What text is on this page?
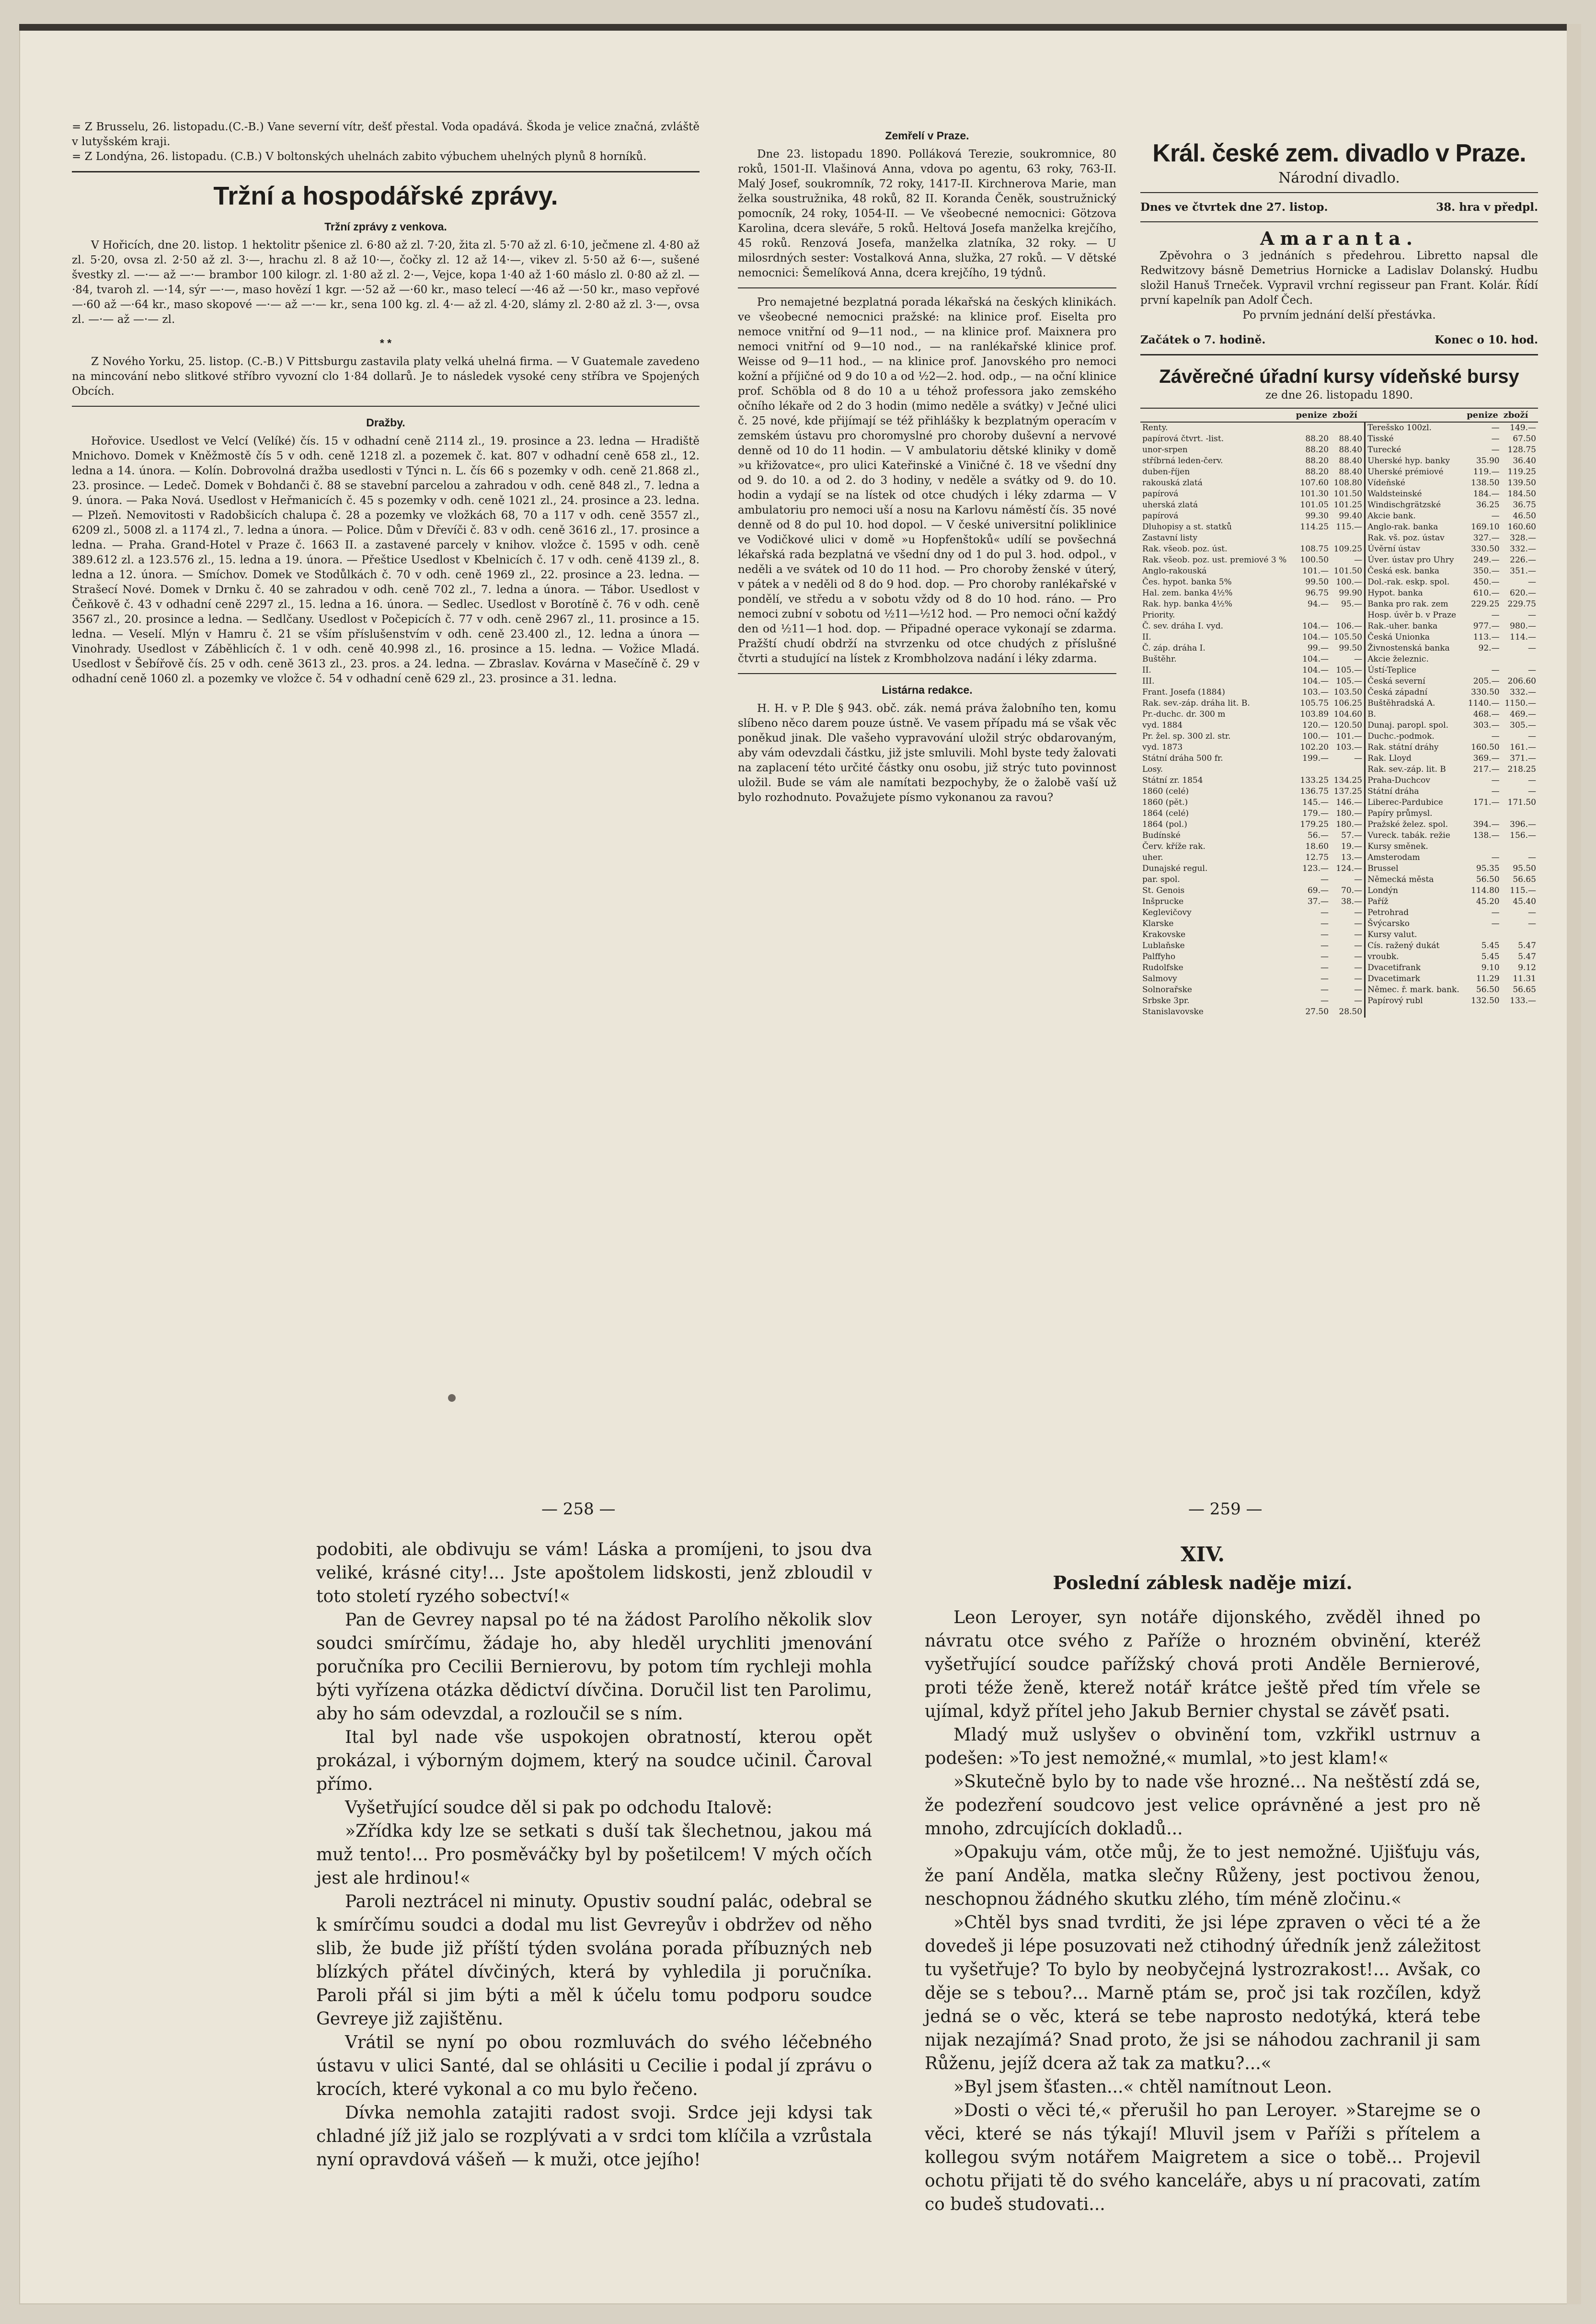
= Z Brusselu, 26. listopadu.(C.-B.) Vane severní vítr, dešť přestal. Voda opadává. Škoda je velice značná, zvláště v lutyšském kraji.

= Z Londýna, 26. listopadu. (C.B.) V boltonských uhelnách zabito výbuchem uhelných plynů 8 horníků.

Tržní a hospodářské zprávy.
Tržní zprávy z venkova.

V Hořicích, dne 20. listop. 1 hektolitr pšenice zl. 6·80 až zl. 7·20, žita zl. 5·70 až zl. 6·10, ječmene zl. 4·80 až zl. 5·20, ovsa zl. 2·50 až zl. 3·—, hrachu zl. 8 až 10·—, čočky zl. 12 až 14·—, vikev zl. 5·50 až 6·—, sušené švestky zl. —·— až —·— brambor 100 kilogr. zl. 1·80 až zl. 2·—, Vejce, kopa 1·40 až 1·60 máslo zl. 0·80 až zl. —·84, tvaroh zl. —·14, sýr —·—, maso hovězí 1 kgr. —·52 až —·60 kr., maso telecí —·46 až —·50 kr., maso vepřové —·60 až —·64 kr., maso skopové —·— až —·— kr., sena 100 kg. zl. 4·— až zl. 4·20, slámy zl. 2·80 až zl. 3·—, ovsa zl. —·— až —·— zl.

* *

Z Nového Yorku, 25. listop. (C.-B.) V Pittsburgu zastavila platy velká uhelná firma. — V Guatemale zavedeno na mincování nebo slitkové stříbro vyvozní clo 1·84 dollarů. Je to následek vysoké ceny stříbra ve Spojených Obcích.

Dražby.

Hořovice. Usedlost ve Velcí (Velíké) čís. 15 v odhadní ceně 2114 zl., 19. prosince a 23. ledna — Hradiště Mnichovo. Domek v Kněžmostě čís 5 v odh. ceně 1218 zl. a pozemek č. kat. 807 v odhadní ceně 658 zl., 12. ledna a 14. února. — Kolín. Dobrovolná dražba usedlosti v Týnci n. L. čís 66 s pozemky v odh. ceně 21.868 zl., 23. prosince. — Ledeč. Domek v Bohdanči č. 88 se stavební parcelou a zahradou v odh. ceně 848 zl., 7. ledna a 9. února. — Paka Nová. Usedlost v Heřmanicích č. 45 s pozemky v odh. ceně 1021 zl., 24. prosince a 23. ledna. — Plzeň. Nemovitosti v Radobšicích chalupa č. 28 a pozemky ve vložkách 68, 70 a 117 v odh. ceně 3557 zl., 6209 zl., 5008 zl. a 1174 zl., 7. ledna a února. — Police. Dům v Dřevíči č. 83 v odh. ceně 3616 zl., 17. prosince a ledna. — Praha. Grand-Hotel v Praze č. 1663 II. a zastavené parcely v knihov. vložce č. 1595 v odh. ceně 389.612 zl. a 123.576 zl., 15. ledna a 19. února. — Přeštice Usedlost v Kbelnicích č. 17 v odh. ceně 4139 zl., 8. ledna a 12. února. — Smíchov. Domek ve Stodůlkách č. 70 v odh. ceně 1969 zl., 22. prosince a 23. ledna. — Strašecí Nové. Domek v Drnku č. 40 se zahradou v odh. ceně 702 zl., 7. ledna a února. — Tábor. Usedlost v Čeňkově č. 43 v odhadní ceně 2297 zl., 15. ledna a 16. února. — Sedlec. Usedlost v Borotíně č. 76 v odh. ceně 3567 zl., 20. prosince a ledna. — Sedlčany. Usedlost v Počepicích č. 77 v odh. ceně 2967 zl., 11. prosince a 15. ledna. — Veselí. Mlýn v Hamru č. 21 se vším příslušenstvím v odh. ceně 23.400 zl., 12. ledna a února — Vinohrady. Usedlost v Záběhlicích č. 1 v odh. ceně 40.998 zl., 16. prosince a 15. ledna. — Vožice Mladá. Usedlost v Šebířově čís. 25 v odh. ceně 3613 zl., 23. pros. a 24. ledna. — Zbraslav. Kovárna v Masečíně č. 29 v odhadní ceně 1060 zl. a pozemky ve vložce č. 54 v odhadní ceně 629 zl., 23. prosince a 31. ledna.

Zemřelí v Praze.

Dne 23. listopadu 1890. Polláková Terezie, soukromnice, 80 roků, 1501-II. Vlašinová Anna, vdova po agentu, 63 roky, 763-II. Malý Josef, soukromník, 72 roky, 1417-II. Kirchnerova Marie, man želka soustružnika, 48 roků, 82 II. Koranda Čeněk, soustružnický pomocník, 24 roky, 1054-II. — Ve všeobecné nemocnici: Götzova Karolina, dcera sleváře, 5 roků. Heltová Josefa manželka krejčího, 45 roků. Renzová Josefa, manželka zlatníka, 32 roky. — U milosrdných sester: Vostalková Anna, služka, 27 roků. — V dětské nemocnici: Šemelíková Anna, dcera krejčího, 19 týdnů.

Pro nemajetné bezplatná porada lékařská na českých klinikách. ve všeobecné nemocnici pražské: na klinice prof. Eiselta pro nemoce vnitřní od 9—11 nod., — na klinice prof. Maixnera pro nemoci vnitřní od 9—10 nod., — na ranlékařské klinice prof. Weisse od 9—11 hod., — na klinice prof. Janovského pro nemoci kožní a příjičné od 9 do 10 a od ½2—2. hod. odp., — na oční klinice prof. Schöbla od 8 do 10 a u téhož professora jako zemského očního lékaře od 2 do 3 hodin (mimo neděle a svátky) v Ječné ulici č. 25 nové, kde přijímají se též přihlášky k bezplatným operacím v zemském ústavu pro choromyslné pro choroby duševní a nervové denně od 10 do 11 hodin. — V ambulatoriu dětské kliniky v domě »u křižovatce«, pro ulici Kateřinské a Viničné č. 18 ve všední dny od 9. do 10. a od 2. do 3 hodiny, v neděle a svátky od 9. do 10. hodin a vydají se na lístek od otce chudých i léky zdarma — V ambulatoriu pro nemoci uší a nosu na Karlovu náměstí čís. 35 nové denně od 8 do pul 10. hod dopol. — V české universitní poliklinice ve Vodičkové ulici v domě »u Hopfenštoků« udílí se povšechná lékařská rada bezplatná ve všední dny od 1 do pul 3. hod. odpol., v neděli a ve svátek od 10 do 11 hod. — Pro choroby ženské v úterý, v pátek a v neděli od 8 do 9 hod. dop. — Pro choroby ranlékařské v pondělí, ve středu a v sobotu vždy od 8 do 10 hod. ráno. — Pro nemoci zubní v sobotu od ½11—½12 hod. — Pro nemoci oční každý den od ½11—1 hod. dop. — Připadné operace vykonají se zdarma. Pražští chudí obdrží na stvrzenku od otce chudých z příslušné čtvrti a studující na lístek z Krombholzova nadání i léky zdarma.

Listárna redakce.

H. H. v P. Dle § 943. obč. zák. nemá práva žalobního ten, komu slíbeno něco darem pouze ústně. Ve vasem případu má se však věc poněkud jinak. Dle vašeho vypravování uložil strýc obdarovaným, aby vám odevzdali částku, již jste smluvili. Mohl byste tedy žalovati na zaplacení této určité částky onu osobu, již strýc tuto povinnost uložil. Bude se vám ale namítati bezpochyby, že o žalobě vaší už bylo rozhodnuto. Považujete písmo vykonanou za ravou?

Král. české zem. divadlo v Praze.
Národní divadlo.
Dnes ve čtvrtek dne 27. listop.	38. hra v předpl.
Amaranta.

Zpěvohra o 3 jednáních s předehrou. Libretto napsal dle Redwitzovy básně Demetrius Hornicke a Ladislav Dolanský. Hudbu složil Hanuš Trneček. Vypravil vrchní regisseur pan Frant. Kolár. Řídí první kapelník pan Adolf Čech.

Po prvním jednání delší přestávka.
Začátek o 7. hodině.	Konec o 10. hod.
Závěrečné úřadní kursy vídeňské bursy
ze dne 26. listopadu 1890.
	penize	zboží		penize	zboží
Renty.			Terešsko 100zl.	—	149.—
papírová čtvrt. -list.	88.20	88.40	Tisské	—	67.50
unor-srpen	88.20	88.40	Turecké	—	128.75
stříbrná leden-červ.	88.20	88.40	Uherské hyp. banky	35.90	36.40
duben-říjen	88.20	88.40	Uherské prémiové	119.—	119.25
rakouská zlatá	107.60	108.80	Vídeňské	138.50	139.50
papírová	101.30	101.50	Waldsteinské	184.—	184.50
uherská zlatá	101.05	101.25	Windischgrätzské	36.25	36.75
papírová	99.30	99.40	Akcie bank.	—	46.50
Dluhopisy a st. statků	114.25	115.—	Anglo-rak. banka	169.10	160.60
Zastavní listy			Rak. vš. poz. ústav	327.—	328.—
Rak. všeob. poz. úst.	108.75	109.25	Úvěrní ústav	330.50	332.—
Rak. všeob. poz. ust. premiové 3 %	100.50	—	Úver. ústav pro Uhry	249.—	226.—
Anglo-rakouská	101.—	101.50	Česká esk. banka	350.—	351.—
Čes. hypot. banka 5%	99.50	100.—	Dol.-rak. eskp. spol.	450.—	—
Hal. zem. banka 4½%	96.75	99.90	Hypot. banka	610.—	620.—
Rak. hyp. banka 4½%	94.—	95.—	Banka pro rak. zem	229.25	229.75
Priority.			Hosp. úvěr b. v Praze	—	—
Č. sev. dráha I. vyd.	104.—	106.—	Rak.-uher. banka	977.—	980.—
II.	104.—	105.50	Česká Unionka	113.—	114.—
Č. záp. dráha I.	99.—	99.50	Živnostenská banka	92.—	—
Buštěhr.	104.—	—	Akcie železnic.		
II.	104.—	105.—	Ústí-Teplice	—	—
III.	104.—	105.—	Česká severní	205.—	206.60
Frant. Josefa (1884)	103.—	103.50	Česká západní	330.50	332.—
Rak. sev.-záp. dráha lit. B.	105.75	106.25	Buštěhradská A.	1140.—	1150.—
Pr.-duchc. dr. 300 m	103.89	104.60	B.	468.—	469.—
vyd. 1884	120.—	120.50	Dunaj. paropl. spol.	303.—	305.—
Pr. žel. sp. 300 zl. str.	100.—	101.—	Duchc.-podmok.	—	—
vyd. 1873	102.20	103.—	Rak. státní dráhy	160.50	161.—
Státní dráha 500 fr.	199.—	—	Rak. Lloyd	369.—	371.—
Losy.			Rak. sev.-záp. lit. B	217.—	218.25
Státní zr. 1854	133.25	134.25	Praha-Duchcov	—	—
1860 (celé)	136.75	137.25	Státní dráha	—	—
1860 (pět.)	145.—	146.—	Liberec-Pardubice	171.—	171.50
1864 (celé)	179.—	180.—	Papíry průmysl.		
1864 (pol.)	179.25	180.—	Pražské želez. spol.	394.—	396.—
Budínské	56.—	57.—	Vureck. tabák. režie	138.—	156.—
Červ. kříže rak.	18.60	19.—	Kursy směnek.		
uher.	12.75	13.—	Amsterodam	—	—
Dunajské regul.	123.—	124.—	Brussel	95.35	95.50
par. spol.	—	—	Německá města	56.50	56.65
St. Genois	69.—	70.—	Londýn	114.80	115.—
Inšprucke	37.—	38.—	Paříž	45.20	45.40
Keglevičovy	—	—	Petrohrad	—	—
Klarske	—	—	Švýcarsko	—	—
Krakovske	—	—	Kursy valut.		
Lublaňske	—	—	Cís. ražený dukát	5.45	5.47
Palffyho	—	—	vroubk.	5.45	5.47
Rudolfske	—	—	Dvacetifrank	9.10	9.12
Salmovy	—	—	Dvacetimark	11.29	11.31
Solnorařske	—	—	Němec. ř. mark. bank.	56.50	56.65
Srbske 3pr.	—	—	Papírový rubl	132.50	133.—
Stanislavovske	27.50	28.50			
— 258 —	— 259 —

podobiti, ale obdivuju se vám! Láska a promíjeni, to jsou dva veliké, krásné city!... Jste apoštolem lidskosti, jenž zbloudil v toto století ryzého sobectví!«

Pan de Gevrey napsal po té na žádost Parolího několik slov soudci smírčímu, žádaje ho, aby hleděl urychliti jmenování poručníka pro Cecilii Bernierovu, by potom tím rychleji mohla býti vyřízena otázka dědictví dívčina. Doručil list ten Parolimu, aby ho sám odevzdal, a rozloučil se s ním.

Ital byl nade vše uspokojen obratností, kterou opět prokázal, i výborným dojmem, který na soudce učinil. Čaroval přímo.

Vyšetřující soudce děl si pak po odchodu Italově:

»Zřídka kdy lze se setkati s duší tak šlechetnou, jakou má muž tento!... Pro posměváčky byl by pošetilcem! V mých očích jest ale hrdinou!«

Paroli neztrácel ni minuty. Opustiv soudní palác, odebral se k smírčímu soudci a dodal mu list Gevreyův i obdržev od něho slib, že bude již příští týden svolána porada příbuzných neb blízkých přátel dívčiných, která by vyhledila ji poručníka. Paroli přál si jim býti a měl k účelu tomu podporu soudce Gevreye již zajištěnu.

Vrátil se nyní po obou rozmluvách do svého léčebného ústavu v ulici Santé, dal se ohlásiti u Cecilie i podal jí zprávu o krocích, které vykonal a co mu bylo řečeno.

Dívka nemohla zatajiti radost svoji. Srdce jeji kdysi tak chladné jíž již jalo se rozplývati a v srdci tom klíčila a vzrůstala nyní opravdová vášeň — k muži, otce jejího!

XIV.
Poslední záblesk naděje mizí.

Leon Leroyer, syn notáře dijonského, zvěděl ihned po návratu otce svého z Paříže o hrozném obvinění, kteréž vyšetřující soudce pařížský chová proti Anděle Bernierové, proti téže ženě, kterež notář krátce ještě před tím vřele se ujímal, když přítel jeho Jakub Bernier chystal se závěť psati.

Mladý muž uslyšev o obvinění tom, vzkřikl ustrnuv a podešen: »To jest nemožné,« mumlal, »to jest klam!«

»Skutečně bylo by to nade vše hrozné... Na neštěstí zdá se, že podezření soudcovo jest velice oprávněné a jest pro ně mnoho, zdrcujících dokladů...

»Opakuju vám, otče můj, že to jest nemožné. Ujišťuju vás, že paní Anděla, matka slečny Růženy, jest poctivou ženou, neschopnou žádného skutku zlého, tím méně zločinu.«

»Chtěl bys snad tvrditi, že jsi lépe zpraven o věci té a že dovedeš ji lépe posuzovati než ctihodný úředník jenž záležitost tu vyšetřuje? To bylo by neobyčejná lystrozrakost!... Avšak, co děje se s tebou?... Marně ptám se, proč jsi tak rozčílen, když jedná se o věc, která se tebe naprosto nedotýká, která tebe nijak nezajímá? Snad proto, že jsi se náhodou zachranil ji sam Růženu, jejíž dcera až tak za matku?...«

»Byl jsem šťasten...« chtěl namítnout Leon.

»Dosti o věci té,« přerušil ho pan Leroyer. »Starejme se o věci, které se nás týkají! Mluvil jsem v Paříži s přítelem a kollegou svým notářem Maigretem a sice o tobě... Projevil ochotu přijati tě do svého kanceláře, abys u ní pracovati, zatím co budeš studovati...
